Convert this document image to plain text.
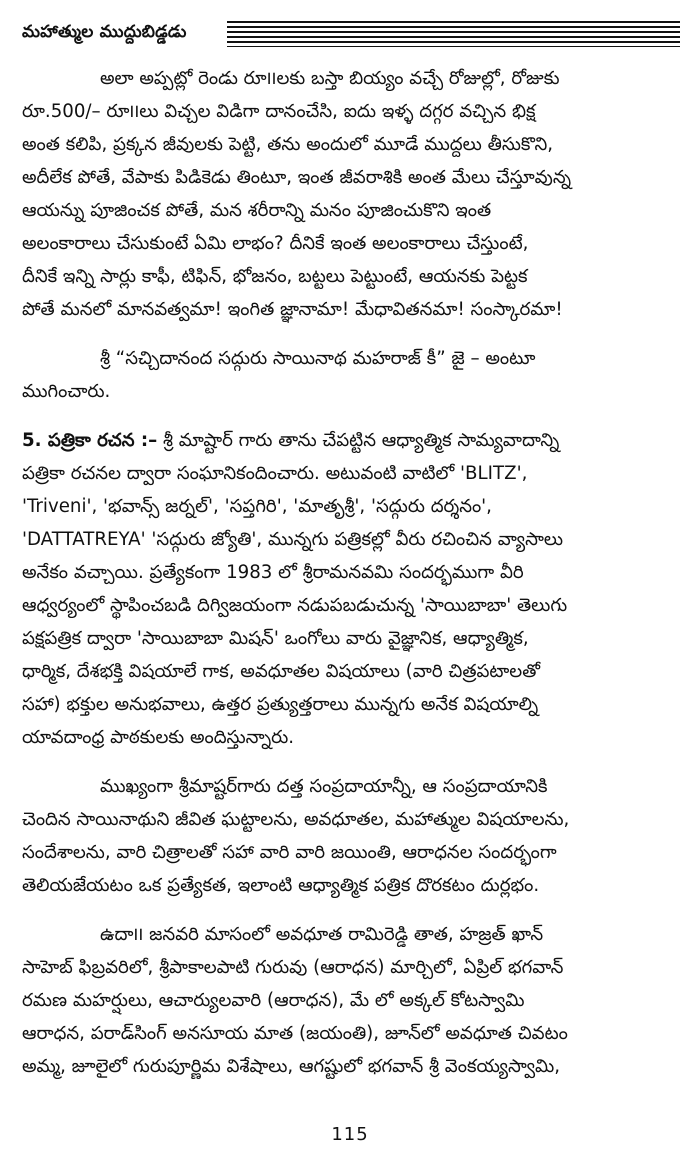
మహాత్ముల ముద్దుబిడ్డడు

అలా అప్పట్లో రెండు రూ౹౹లకు బస్తా బియ్యం వచ్చే రోజుల్లో, రోజుకు
రూ.500/– రూ౹౹లు విచ్చల విడిగా దానంచేసి, ఐదు ఇళ్ళ దగ్గర వచ్చిన భిక్ష
అంత కలిపి, ప్రక్కన జీవులకు పెట్టి, తను అందులో మూడే ముద్దలు తీసుకొని,
అదీలేక పోతే, వేపాకు పిడికెడు తింటూ, ఇంత జీవరాశికి అంత మేలు చేస్తూవున్న
ఆయన్ను పూజించక పోతే, మన శరీరాన్ని మనం పూజించుకొని ఇంత
అలంకారాలు చేసుకుంటే ఏమి లాభం? దీనికే ఇంత అలంకారాలు చేస్తుంటే,
దీనికే ఇన్ని సార్లు కాఫీ, టిఫిన్, భోజనం, బట్టలు పెట్టుంటే, ఆయనకు పెట్టక
పోతే మనలో మానవత్వమా! ఇంగిత జ్ఞానామా! మేధావితనమా! సంస్కారమా!

శ్రీ “సచ్చిదానంద సద్గురు సాయినాథ మహరాజ్ కీ” జై – అంటూ
ముగించారు.

5. పత్రికా రచన :– శ్రీ మాష్టార్ గారు తాను చేపట్టిన ఆధ్యాత్మిక సామ్యవాదాన్ని
పత్రికా రచనల ద్వారా సంఘానికందించారు. అటువంటి వాటిలో 'BLITZ',
'Triveni', 'భవాన్స్ జర్నల్', 'సప్తగిరి', 'మాతృశ్రీ', 'సద్గురు దర్శనం',
'DATTATREYA' 'సద్గురు జ్యోతి', మున్నగు పత్రికల్లో వీరు రచించిన వ్యాసాలు
అనేకం వచ్చాయి. ప్రత్యేకంగా 1983 లో శ్రీరామనవమి సందర్భముగా వీరి
ఆధ్వర్యంలో స్థాపించబడి దిగ్విజయంగా నడుపబడుచున్న 'సాయిబాబా' తెలుగు
పక్షపత్రిక ద్వారా 'సాయిబాబా మిషన్' ఒంగోలు వారు వైజ్ఞానిక, ఆధ్యాత్మిక,
ధార్మిక, దేశభక్తి విషయాలే గాక, అవధూతల విషయాలు (వారి చిత్రపటాలతో
సహా) భక్తుల అనుభవాలు, ఉత్తర ప్రత్యుత్తరాలు మున్నగు అనేక విషయాల్ని
యావదాంధ్ర పాఠకులకు అందిస్తున్నారు.

ముఖ్యంగా శ్రీమాష్టర్‌గారు దత్త సంప్రదాయాన్నీ, ఆ సంప్రదాయానికి
చెందిన సాయినాథుని జీవిత ఘట్టాలను, అవధూతల, మహాత్ముల విషయాలను,
సందేశాలను, వారి చిత్రాలతో సహా వారి వారి జయింతి, ఆరాధనల సందర్భంగా
తెలియజేయటం ఒక ప్రత్యేకత, ఇలాంటి ఆధ్యాత్మిక పత్రిక దొరకటం దుర్లభం.

ఉదా౹౹ జనవరి మాసంలో అవధూత రామిరెడ్డి తాత, హజ్రత్ ఖాన్
సాహెబ్ ఫిబ్రవరిలో, శ్రీపాకాలపాటి గురువు (ఆరాధన) మార్చిలో, ఏప్రిల్ భగవాన్
రమణ మహర్షులు, ఆచార్యులవారి (ఆరాధన), మే లో అక్కల్ కోటస్వామి
ఆరాధన, పరాడ్‌సింగ్ అనసూయ మాత (జయంతి), జూన్‌లో అవధూత చివటం
అమ్మ, జూలైలో గురుపూర్ణిమ విశేషాలు, ఆగష్టులో భగవాన్ శ్రీ వెంకయ్యస్వామి,

115
